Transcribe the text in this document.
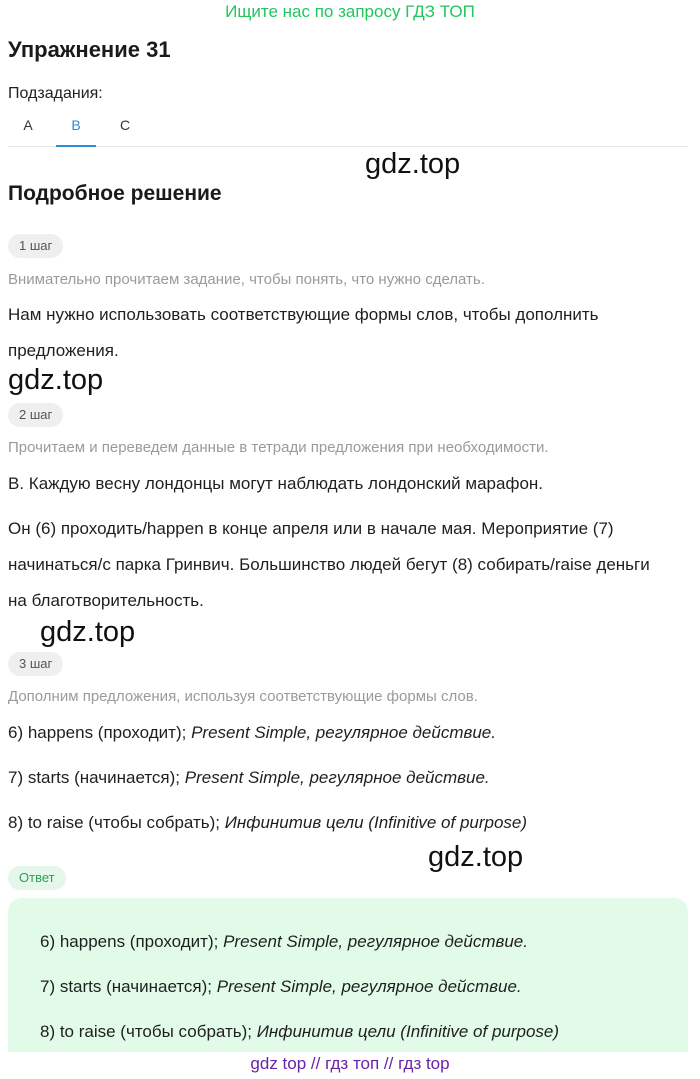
Ищите нас по запросу ГДЗ ТОП
Упражнение 31
Подзадания:
A	B	C
gdz.top
Подробное решение
1 шаг
Внимательно прочитаем задание, чтобы понять, что нужно сделать.
Нам нужно использовать соответствующие формы слов, чтобы дополнить предложения.
gdz.top
2 шаг
Прочитаем и переведем данные в тетради предложения при необходимости.
B. Каждую весну лондонцы могут наблюдать лондонский марафон.
Он (6) проходить/happen в конце апреля или в начале мая. Мероприятие (7) начинаться/с парка Гринвич. Большинство людей бегут (8) собирать/raise деньги на благотворительность.
gdz.top
3 шаг
Дополним предложения, используя соответствующие формы слов.
6) happens (проходит); Present Simple, регулярное действие.
7) starts (начинается); Present Simple, регулярное действие.
8) to raise (чтобы собрать); Инфинитив цели (Infinitive of purpose)
gdz.top
Ответ
6) happens (проходит); Present Simple, регулярное действие.
7) starts (начинается); Present Simple, регулярное действие.
8) to raise (чтобы собрать); Инфинитив цели (Infinitive of purpose)
gdz top // гдз топ // гдз top
